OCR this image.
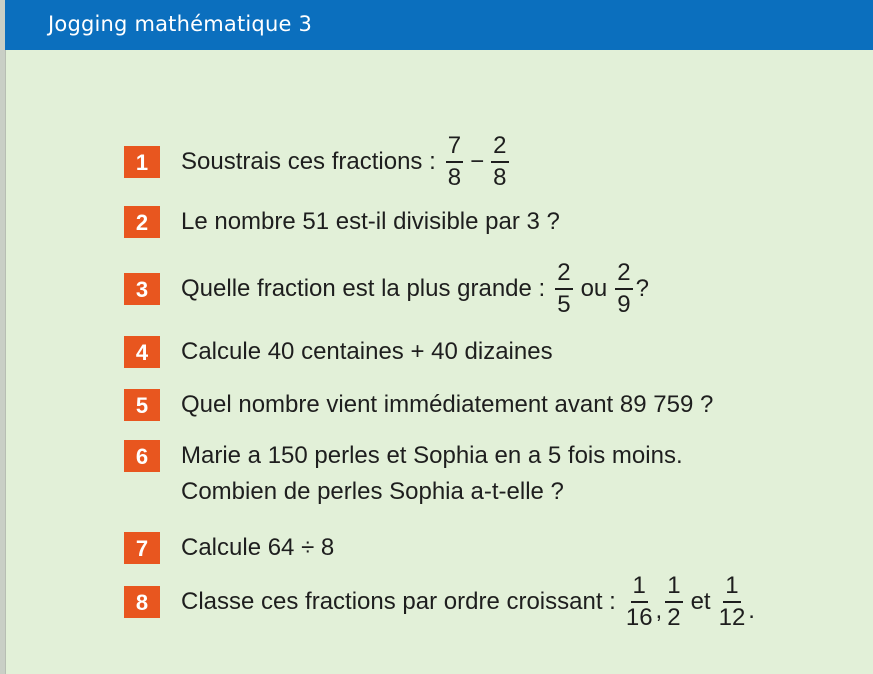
Jogging mathématique 3
1	Soustrais ces fractions : $\frac{7}{8} - \frac{2}{8}$
2	Le nombre 51 est-il divisible par 3 ?
3	Quelle fraction est la plus grande : $\frac{2}{5}$ ou $\frac{2}{9}$ ?
4	Calcule 40 centaines + 40 dizaines
5	Quel nombre vient immédiatement avant 89 759 ?
6	Marie a 150 perles et Sophia en a 5 fois moins.
Combien de perles Sophia a-t-elle ?
7	Calcule 64 ÷ 8
8	Classe ces fractions par ordre croissant : $\frac{1}{16}$ , $\frac{1}{2}$ et $\frac{1}{12}$ .
